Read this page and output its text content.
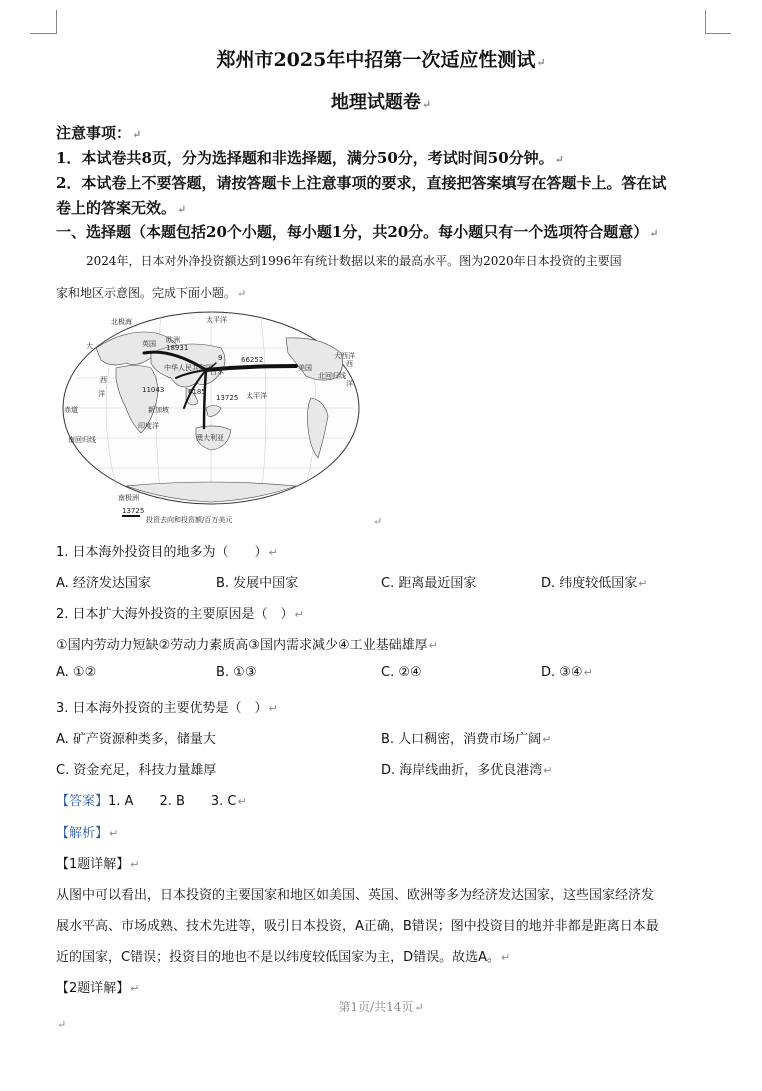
郑州市2025年中招第一次适应性测试↵
地理试题卷↵
注意事项：↵
1．本试卷共8页，分为选择题和非选择题，满分50分，考试时间50分钟。↵
2．本试卷上不要答题，请按答题卡上注意事项的要求，直接把答案填写在答题卡上。答在试
卷上的答案无效。↵
一、选择题（本题包括20个小题，每小题1分，共20分。每小题只有一个选项符合题意）↵
2024年，日本对外净投资额达到1996年有统计数据以来的最高水平。图为2020年日本投资的主要国
家和地区示意图。完成下面小题。↵
北极海	太平洋
大
西
洋
欧洲
英国
中华人民共和国
日本	美国
大西洋
西
洋
北回归线
赤道	新加坡
印度洋
太平洋
南回归线	澳大利亚
南极洲
18931
66252
9
11043
13725
6185
13725
投资去向和投资额/百万美元	↵
1. 日本海外投资目的地多为（　　）↵
A. 经济发达国家	B. 发展中国家	C. 距离最近国家	D. 纬度较低国家↵
2. 日本扩大海外投资的主要原因是（　）↵
①国内劳动力短缺②劳动力素质高③国内需求减少④工业基础雄厚↵
A. ①②	B. ①③	C. ②④	D. ③④↵
3. 日本海外投资的主要优势是（　）↵
A. 矿产资源种类多，储量大	B. 人口稠密，消费市场广阔↵
C. 资金充足，科技力量雄厚	D. 海岸线曲折，多优良港湾↵
【答案】1. A　　2. B　　3. C↵
【解析】↵
【1题详解】↵
从图中可以看出，日本投资的主要国家和地区如美国、英国、欧洲等多为经济发达国家，这些国家经济发
展水平高、市场成熟、技术先进等，吸引日本投资，A正确，B错误；图中投资目的地并非都是距离日本最
近的国家，C错误；投资目的地也不是以纬度较低国家为主，D错误。故选A。↵
【2题详解】↵
第1页/共14页↵
↵
